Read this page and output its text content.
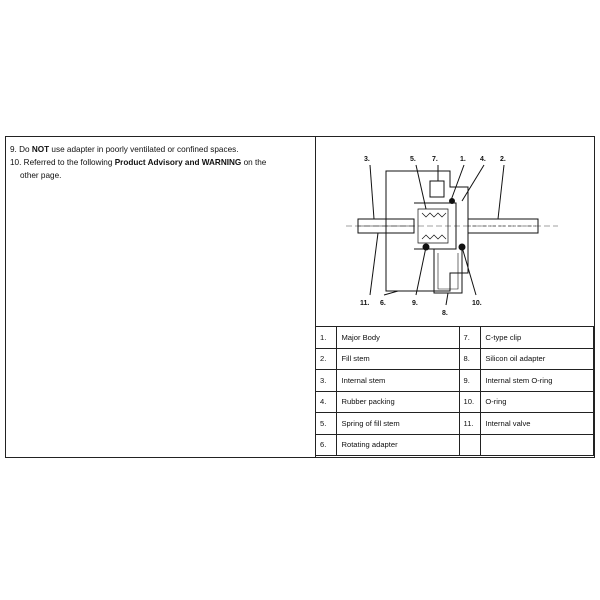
9. Do NOT use adapter in poorly ventilated or confined spaces.
10. Referred to the following Product Advisory and WARNING on the
other page.
3.	5. 7.	1. 4. 2.
11. 6.	9.
8.
10.
1.	Major Body	7.	C-type clip
2.	Fill stem	8.	Silicon oil adapter
3.	Internal stem	9.	Internal stem O-ring
4.	Rubber packing	10.	O-ring
5.	Spring of fill stem	11.	Internal valve
6.	Rotating adapter		
